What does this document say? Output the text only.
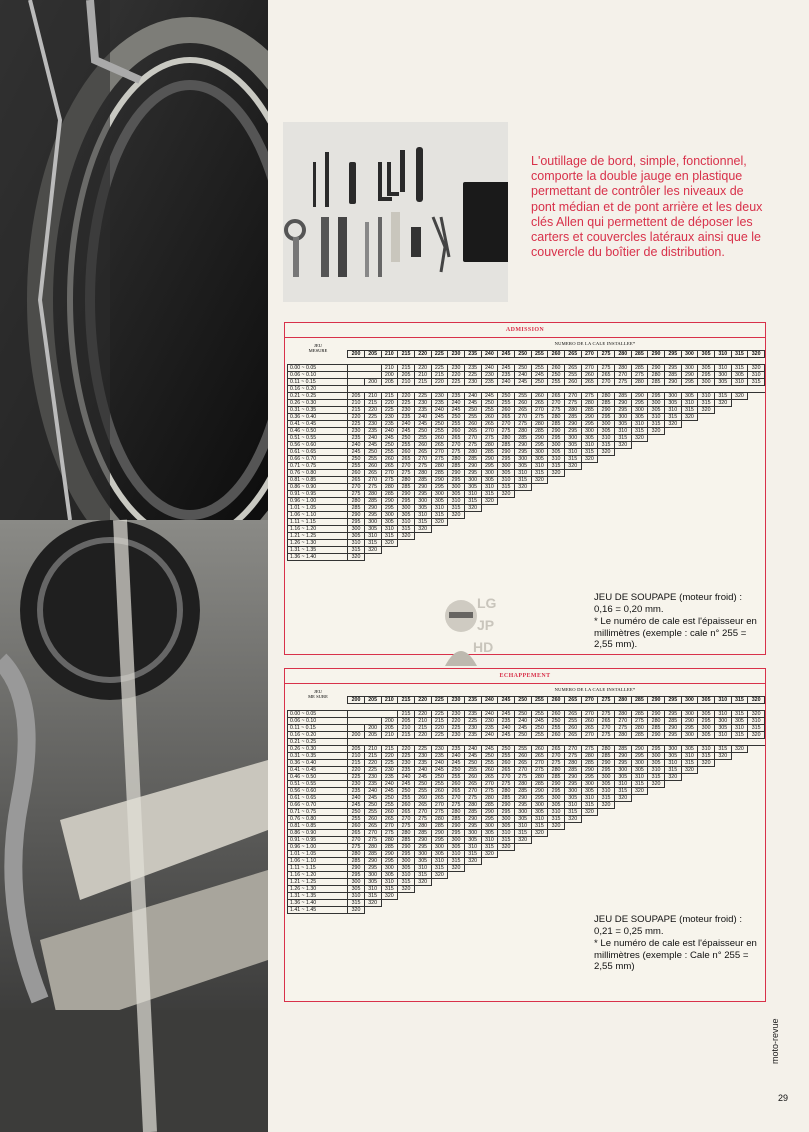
L'outillage de bord, simple, fonctionnel, comporte la double jauge en plastique permettant de contrôler les niveaux de pont médian et de pont arrière et les deux clés Allen qui permettent de déposer les carters et couvercles latéraux ainsi que le couvercle du boîtier de distribution.
ADMISSION
NUMERO DE LA CALE INSTALLEE*
JEU
MESURE
	200	205	210	215	220	225	230	235	240	245	250	255	260	265	270	275	280	285	290	295	300	305	310	315	320

0.00 ~ 0.05			210	215	220	225	230	235	240	245	250	255	260	265	270	275	280	285	290	295	300	305	310	315	320
0.06 ~ 0.10			200	205	210	215	220	225	230	235	240	245	250	255	260	265	270	275	280	285	290	295	300	305	310
0.11 ~ 0.15		200	205	210	215	220	225	230	235	240	245	250	255	260	265	270	275	280	285	290	295	300	305	310	315
0.16 ~ 0.20																									
0.21 ~ 0.25	205	210	215	220	225	230	235	240	245	250	255	260	265	270	275	280	285	290	295	300	305	310	315	320	
0.26 ~ 0.30	210	215	220	225	230	235	240	245	250	255	260	265	270	275	280	285	290	295	300	305	310	315	320		
0.31 ~ 0.35	215	220	225	230	235	240	245	250	255	260	265	270	275	280	285	290	295	300	305	310	315	320			
0.36 ~ 0.40	220	225	230	235	240	245	250	255	260	265	270	275	280	285	290	295	300	305	310	315	320				
0.41 ~ 0.45	225	230	235	240	245	250	255	260	265	270	275	280	285	290	295	300	305	310	315	320					
0.46 ~ 0.50	230	235	240	245	250	255	260	265	270	275	280	285	290	295	300	305	310	315	320						
0.51 ~ 0.55	235	240	245	250	255	260	265	270	275	280	285	290	295	300	305	310	315	320							
0.56 ~ 0.60	240	245	250	255	260	265	270	275	280	285	290	295	300	305	310	315	320								
0.61 ~ 0.65	245	250	255	260	265	270	275	280	285	290	295	300	305	310	315	320									
0.66 ~ 0.70	250	255	260	265	270	275	280	285	290	295	300	305	310	315	320										
0.71 ~ 0.75	255	260	265	270	275	280	285	290	295	300	305	310	315	320											
0.76 ~ 0.80	260	265	270	275	280	285	290	295	300	305	310	315	320												
0.81 ~ 0.85	265	270	275	280	285	290	295	300	305	310	315	320													
0.86 ~ 0.90	270	275	280	285	290	295	300	305	310	315	320														
0.91 ~ 0.95	275	280	285	290	295	300	305	310	315	320															
0.96 ~ 1.00	280	285	290	295	300	305	310	315	320																
1.01 ~ 1.05	285	290	295	300	305	310	315	320																	
1.06 ~ 1.10	290	295	300	305	310	315	320																		
1.11 ~ 1.15	295	300	305	310	315	320																			
1.16 ~ 1.20	300	305	310	315	320																				
1.21 ~ 1.25	305	310	315	320																					
1.26 ~ 1.30	310	315	320																						
1.31 ~ 1.35	315	320																							
1.36 ~ 1.40	320																								
JEU DE SOUPAPE (moteur froid) : 0,16 = 0,20 mm.
* Le numéro de cale est l'épaisseur en millimètres (exemple : cale n° 255 = 2,55 mm).
LG
JP
HD
ECHAPPEMENT
NUMERO DE LA CALE INSTALLEE*
JEU
ME SURE
	200	205	210	215	220	225	230	235	240	245	250	255	260	265	270	275	280	285	290	295	300	305	310	315	320

0.00 ~ 0.05				215	220	225	230	235	240	245	250	255	260	265	270	275	280	285	290	295	300	305	310	315	320
0.06 ~ 0.10			200	205	210	215	220	225	230	235	240	245	250	255	260	265	270	275	280	285	290	295	300	305	310
0.11 ~ 0.15		200	205	210	215	220	225	230	235	240	245	250	255	260	265	270	275	280	285	290	295	300	305	310	315
0.16 ~ 0.20	200	205	210	215	220	225	230	235	240	245	250	255	260	265	270	275	280	285	290	295	300	305	310	315	320
0.21 ~ 0.25																									
0.26 ~ 0.30	205	210	215	220	225	230	235	240	245	250	255	260	265	270	275	280	285	290	295	300	305	310	315	320	
0.31 ~ 0.35	210	215	220	225	230	235	240	245	250	255	260	265	270	275	280	285	290	295	300	305	310	315	320		
0.36 ~ 0.40	215	220	225	230	235	240	245	250	255	260	265	270	275	280	285	290	295	300	305	310	315	320			
0.41 ~ 0.45	220	225	230	235	240	245	250	255	260	265	270	275	280	285	290	295	300	305	310	315	320				
0.46 ~ 0.50	225	230	235	240	245	250	255	260	265	270	275	280	285	290	295	300	305	310	315	320					
0.51 ~ 0.55	230	235	240	245	250	255	260	265	270	275	280	285	290	295	300	305	310	315	320						
0.56 ~ 0.60	235	240	245	250	255	260	265	270	275	280	285	290	295	300	305	310	315	320							
0.61 ~ 0.65	240	245	250	255	260	265	270	275	280	285	290	295	300	305	310	315	320								
0.66 ~ 0.70	245	250	255	260	265	270	275	280	285	290	295	300	305	310	315	320									
0.71 ~ 0.75	250	255	260	265	270	275	280	285	290	295	300	305	310	315	320										
0.76 ~ 0.80	255	260	265	270	275	280	285	290	295	300	305	310	315	320											
0.81 ~ 0.85	260	265	270	275	280	285	290	295	300	305	310	315	320												
0.86 ~ 0.90	265	270	275	280	285	290	295	300	305	310	315	320													
0.91 ~ 0.95	270	275	280	285	290	295	300	305	310	315	320														
0.96 ~ 1.00	275	280	285	290	295	300	305	310	315	320															
1.01 ~ 1.05	280	285	290	295	300	305	310	315	320																
1.06 ~ 1.10	285	290	295	300	305	310	315	320																	
1.11 ~ 1.15	290	295	300	305	310	315	320																		
1.16 ~ 1.20	295	300	305	310	315	320																			
1.21 ~ 1.25	300	305	310	315	320																				
1.26 ~ 1.30	305	310	315	320																					
1.31 ~ 1.35	310	315	320																						
1.36 ~ 1.40	315	320																							
1.41 ~ 1.45	320																								
JEU DE SOUPAPE (moteur froid) : 0,21 = 0,25 mm.
* Le numéro de cale est l'épaisseur en millimètres (exemple : Cale n° 255 = 2,55 mm)
moto-revue
29
